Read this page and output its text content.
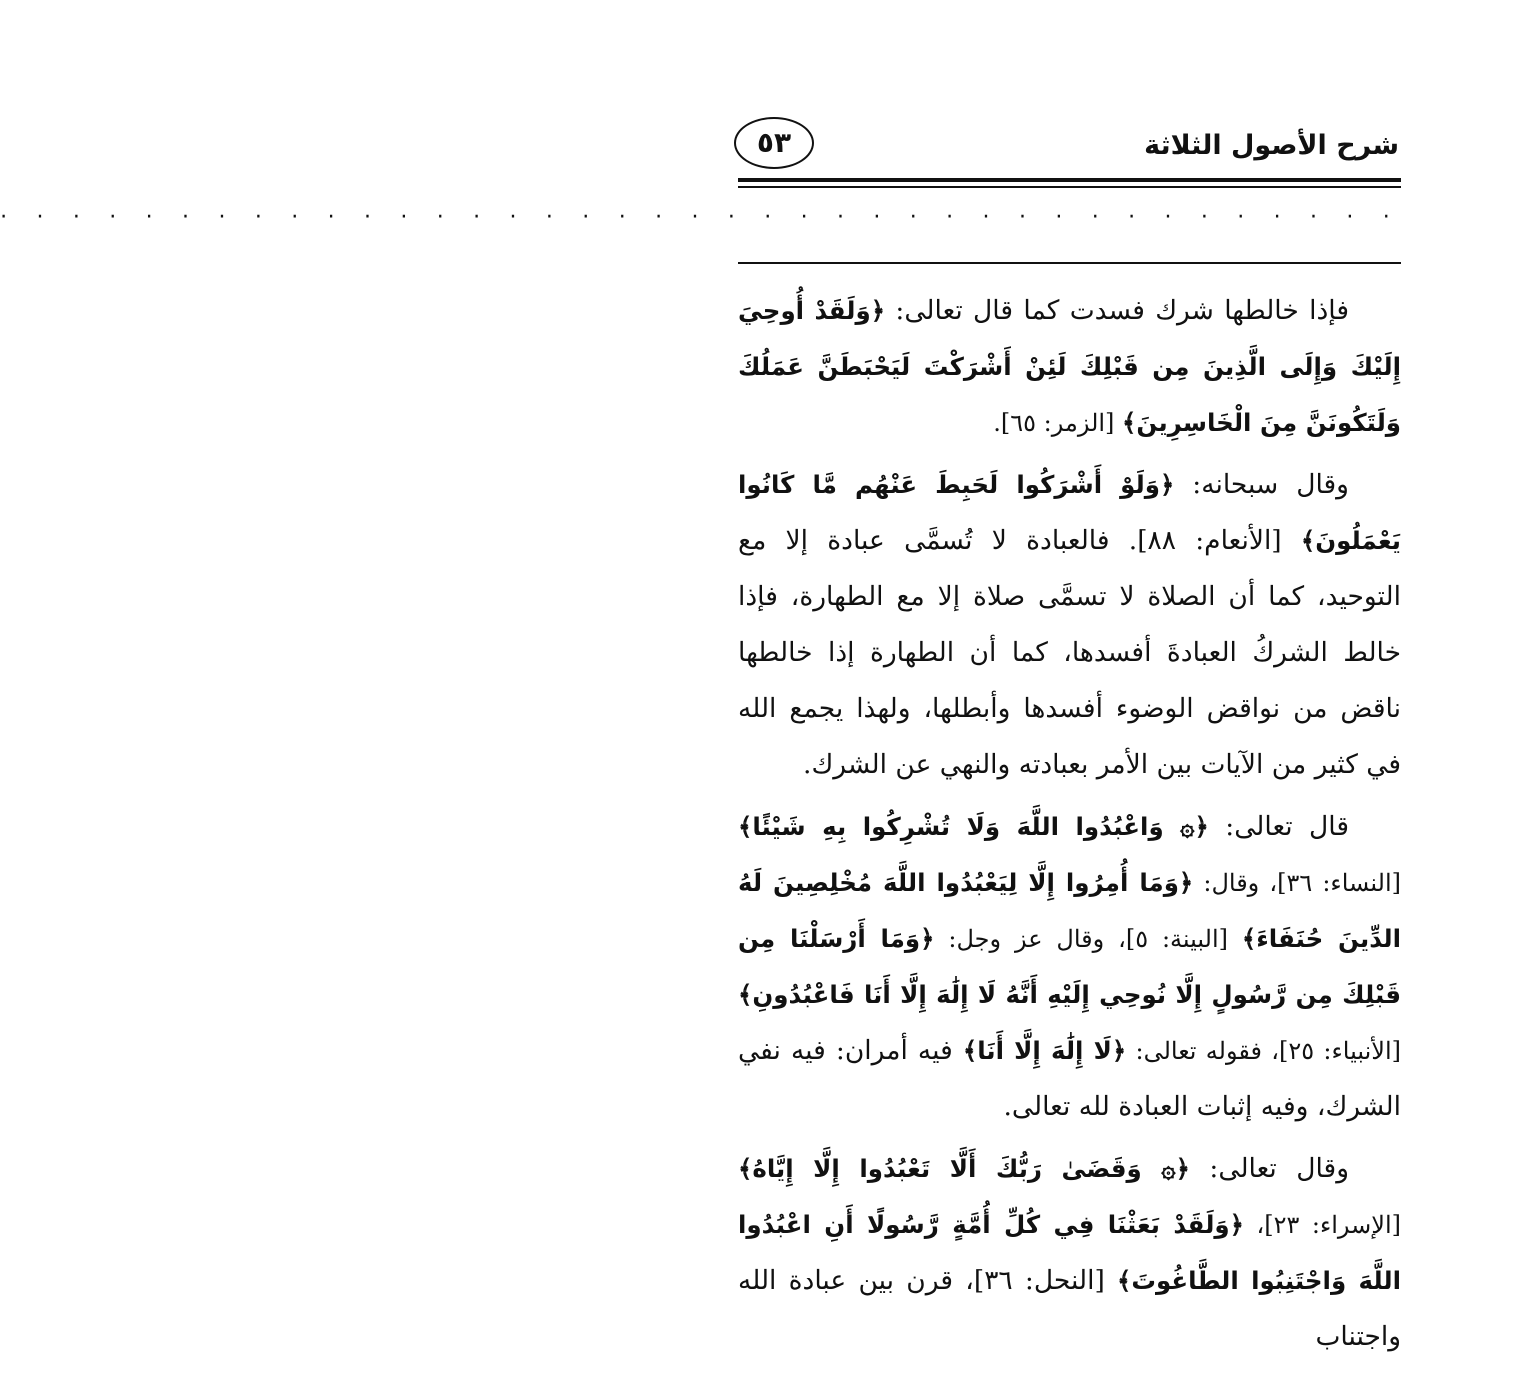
شرح الأصول الثلاثة
٥٣
· · · · · · · · · · · · · · · · · · · · · · · · · · · · · · · · · · · · · · ·

فإذا خالطها شرك فسدت كما قال تعالى: ﴿وَلَقَدْ أُوحِيَ إِلَيْكَ وَإِلَى الَّذِينَ مِن قَبْلِكَ لَئِنْ أَشْرَكْتَ لَيَحْبَطَنَّ عَمَلُكَ وَلَتَكُونَنَّ مِنَ الْخَاسِرِينَ﴾ [الزمر: ٦٥].

وقال سبحانه: ﴿وَلَوْ أَشْرَكُوا لَحَبِطَ عَنْهُم مَّا كَانُوا يَعْمَلُونَ﴾ [الأنعام: ٨٨]. فالعبادة لا تُسمَّى عبادة إلا مع التوحيد، كما أن الصلاة لا تسمَّى صلاة إلا مع الطهارة، فإذا خالط الشركُ العبادةَ أفسدها، كما أن الطهارة إذا خالطها ناقض من نواقض الوضوء أفسدها وأبطلها، ولهذا يجمع الله في كثير من الآيات بين الأمر بعبادته والنهي عن الشرك.

قال تعالى: ﴿۞ وَاعْبُدُوا اللَّهَ وَلَا تُشْرِكُوا بِهِ شَيْئًا﴾ [النساء: ٣٦]، وقال: ﴿وَمَا أُمِرُوا إِلَّا لِيَعْبُدُوا اللَّهَ مُخْلِصِينَ لَهُ الدِّينَ حُنَفَاءَ﴾ [البينة: ٥]، وقال عز وجل: ﴿وَمَا أَرْسَلْنَا مِن قَبْلِكَ مِن رَّسُولٍ إِلَّا نُوحِي إِلَيْهِ أَنَّهُ لَا إِلَٰهَ إِلَّا أَنَا فَاعْبُدُونِ﴾ [الأنبياء: ٢٥]، فقوله تعالى: ﴿لَا إِلَٰهَ إِلَّا أَنَا﴾ فيه أمران: فيه نفي الشرك، وفيه إثبات العبادة لله تعالى.

وقال تعالى: ﴿۞ وَقَضَىٰ رَبُّكَ أَلَّا تَعْبُدُوا إِلَّا إِيَّاهُ﴾ [الإسراء: ٢٣]، ﴿وَلَقَدْ بَعَثْنَا فِي كُلِّ أُمَّةٍ رَّسُولًا أَنِ اعْبُدُوا اللَّهَ وَاجْتَنِبُوا الطَّاغُوتَ﴾ [النحل: ٣٦]، قرن بين عبادة الله واجتناب
